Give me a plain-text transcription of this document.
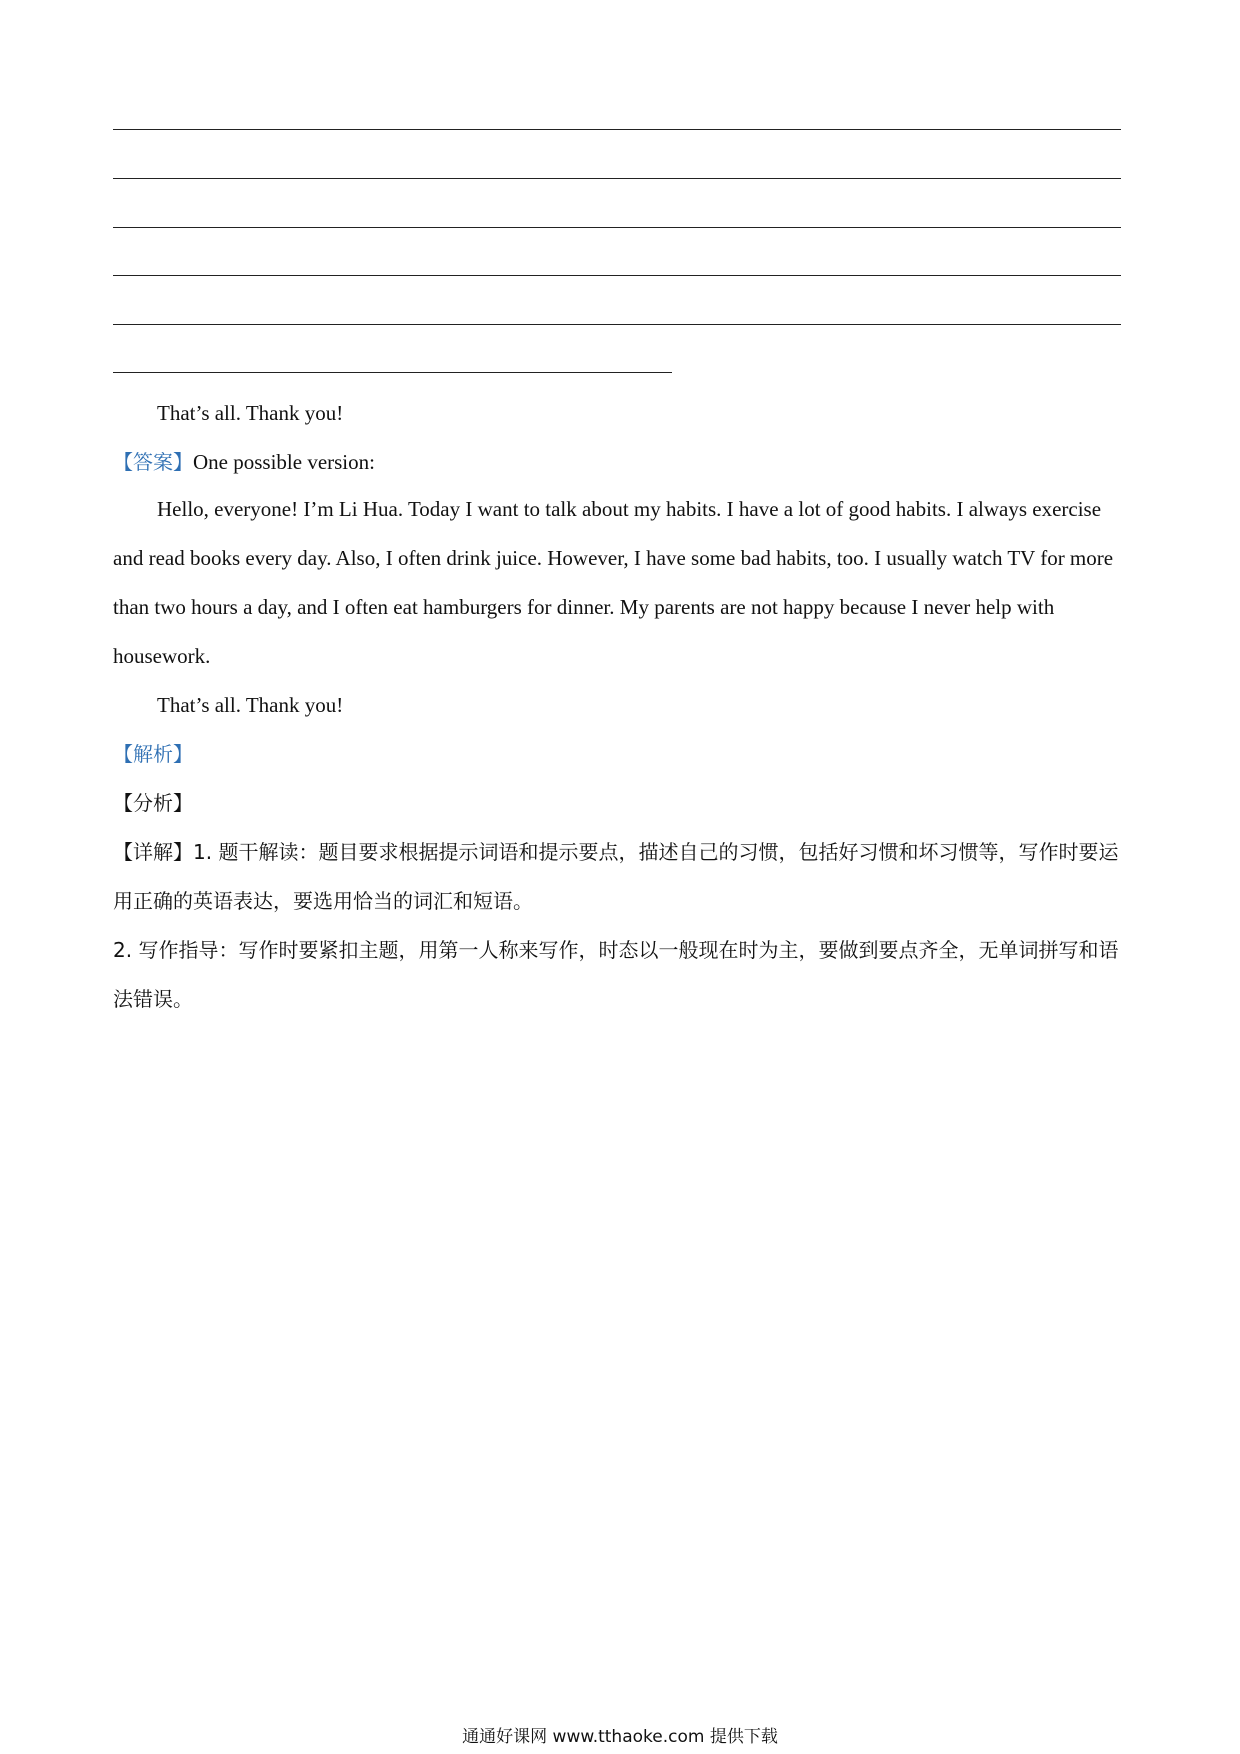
That’s all. Thank you!
【答案】One possible version:
Hello, everyone! I’m Li Hua. Today I want to talk about my habits. I have a lot of good habits. I always exercise and read books every day. Also, I often drink juice. However, I have some bad habits, too. I usually watch TV for more than two hours a day, and I often eat hamburgers for dinner. My parents are not happy because I never help with housework.
That’s all. Thank you!
【解析】
【分析】
【详解】1. 题干解读：题目要求根据提示词语和提示要点，描述自己的习惯，包括好习惯和坏习惯等，写作时要运用正确的英语表达，要选用恰当的词汇和短语。
2. 写作指导：写作时要紧扣主题，用第一人称来写作，时态以一般现在时为主，要做到要点齐全，无单词拼写和语法错误。
通通好课网 www.tthaoke.com 提供下载
